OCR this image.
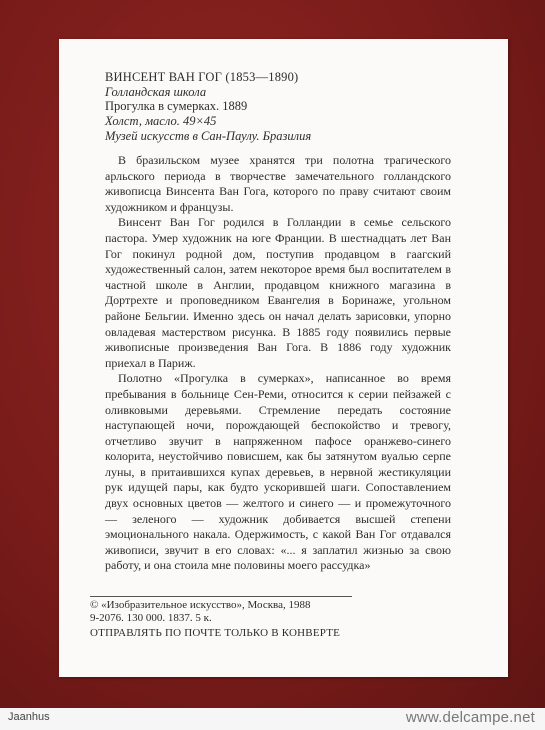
ВИНСЕНТ ВАН ГОГ (1853—1890)
Голландская школа
Прогулка в сумерках. 1889
Холст, масло. 49×45
Музей искусств в Сан-Паулу. Бразилия

В бразильском музее хранятся три полотна трагического арльского периода в творчестве замечательного голландского живописца Винсента Ван Гога, которого по праву считают своим художником и французы.

Винсент Ван Гог родился в Голландии в семье сельского пастора. Умер художник на юге Франции. В шестнадцать лет Ван Гог покинул родной дом, поступив продавцом в гаагский художественный салон, затем некоторое время был воспитателем в частной школе в Англии, продавцом книжного магазина в Дортрехте и проповедником Евангелия в Боринаже, угольном районе Бельгии. Именно здесь он начал делать зарисовки, упорно овладевая мастерством рисунка. В 1885 году появились первые живописные произведения Ван Гога. В 1886 году художник приехал в Париж.

Полотно «Прогулка в сумерках», написанное во время пребывания в больнице Сен-Реми, относится к серии пейзажей с оливковыми деревьями. Стремление передать состояние наступающей ночи, порождающей беспокойство и тревогу, отчетливо звучит в напряженном пафосе оранжево-синего колорита, неустойчиво повисшем, как бы затянутом вуалью серпе луны, в притаившихся купах деревьев, в нервной жестикуляции рук идущей пары, как будто ускорившей шаги. Сопоставлением двух основных цветов — желтого и синего — и промежуточного — зеленого — художник добивается высшей степени эмоционального накала. Одержимость, с какой Ван Гог отдавался живописи, звучит в его словах: «... я заплатил жизнью за свою работу, и она стоила мне половины моего рассудка»

© «Изобразительное искусство», Москва, 1988
9-2076. 130 000. 1837. 5 к.
ОТПРАВЛЯТЬ ПО ПОЧТЕ ТОЛЬКО В КОНВЕРТЕ
Jaanhus	www.delcampe.net
